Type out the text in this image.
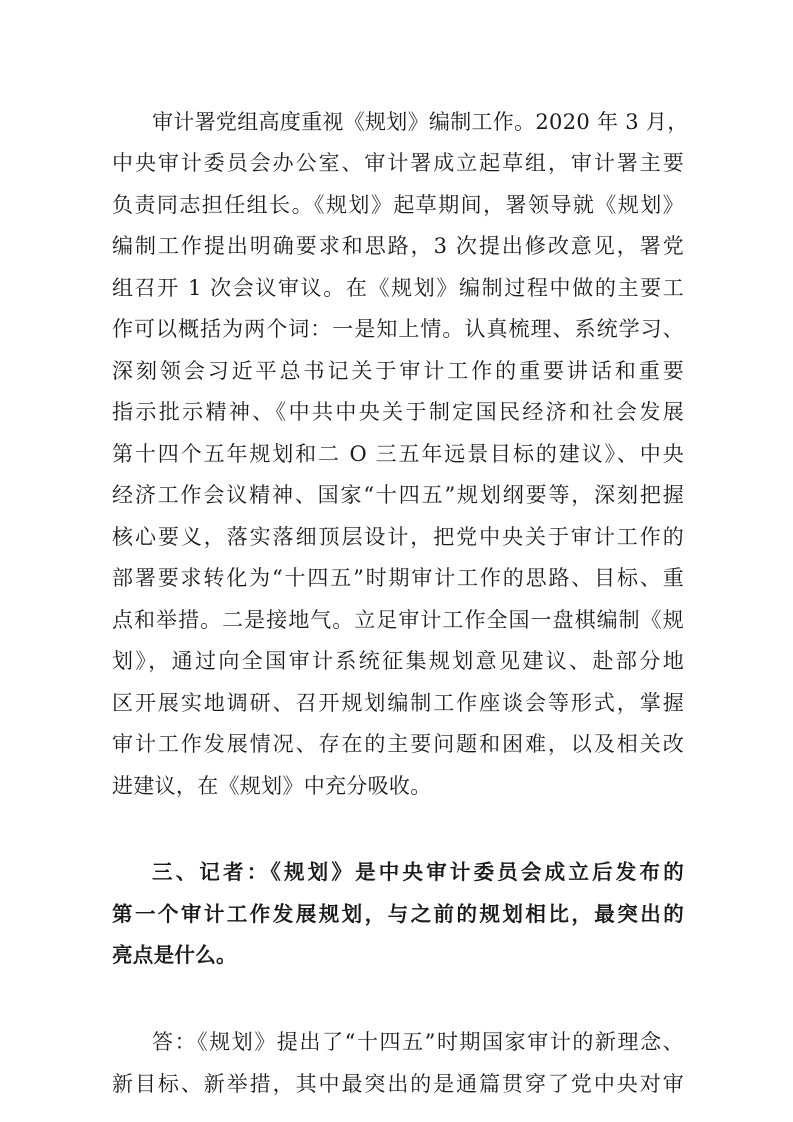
审计署党组高度重视《规划》编制工作。2020 年 3 月，
中央审计委员会办公室、审计署成立起草组，审计署主要
负责同志担任组长。《规划》起草期间，署领导就《规划》
编制工作提出明确要求和思路，3 次提出修改意见，署党
组召开 1 次会议审议。在《规划》编制过程中做的主要工
作可以概括为两个词：一是知上情。认真梳理、系统学习、
深刻领会习近平总书记关于审计工作的重要讲话和重要
指示批示精神、《中共中央关于制定国民经济和社会发展
第十四个五年规划和二 O 三五年远景目标的建议》、中央
经济工作会议精神、国家“十四五”规划纲要等，深刻把握
核心要义，落实落细顶层设计，把党中央关于审计工作的
部署要求转化为“十四五”时期审计工作的思路、目标、重
点和举措。二是接地气。立足审计工作全国一盘棋编制《规
划》，通过向全国审计系统征集规划意见建议、赴部分地
区开展实地调研、召开规划编制工作座谈会等形式，掌握
审计工作发展情况、存在的主要问题和困难，以及相关改
进建议，在《规划》中充分吸收。
三、记者：《规划》是中央审计委员会成立后发布的
第一个审计工作发展规划，与之前的规划相比，最突出的
亮点是什么。
答：《规划》提出了“十四五”时期国家审计的新理念、
新目标、新举措，其中最突出的是通篇贯穿了党中央对审
